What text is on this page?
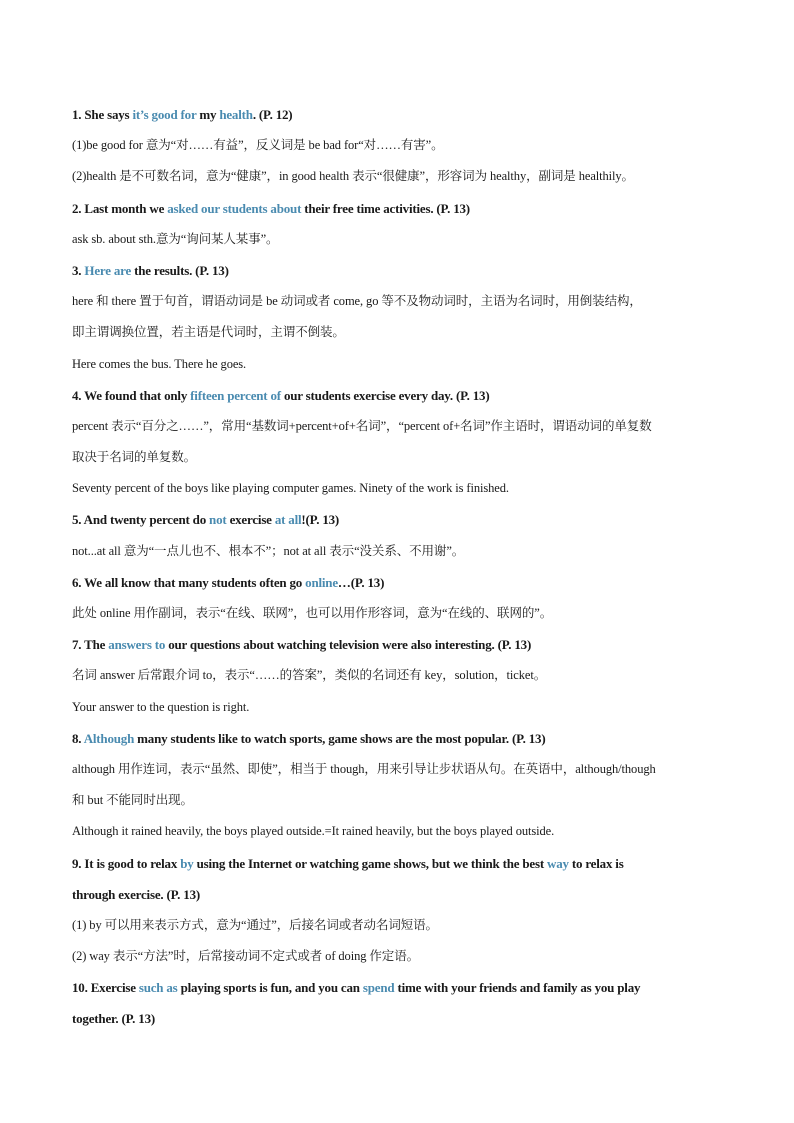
1. She says it’s good for my health. (P. 12)
(1)be good for 意为“对……有益”，反义词是 be bad for“对……有害”。
(2)health 是不可数名词，意为“健康”，in good health 表示“很健康”，形容词为 healthy，副词是 healthily。
2. Last month we asked our students about their free time activities. (P. 13)
ask sb. about sth.意为“询问某人某事”。
3. Here are the results. (P. 13)
here 和 there 置于句首，谓语动词是 be 动词或者 come, go 等不及物动词时，主语为名词时，用倒装结构，
即主谓调换位置，若主语是代词时，主谓不倒装。
Here comes the bus. There he goes.
4. We found that only fifteen percent of our students exercise every day. (P. 13)
percent 表示“百分之……”，常用“基数词+percent+of+名词”，“percent of+名词”作主语时，谓语动词的单复数
取决于名词的单复数。
Seventy percent of the boys like playing computer games. Ninety of the work is finished.
5. And twenty percent do not exercise at all!(P. 13)
not...at all 意为“一点儿也不、根本不”；not at all 表示“没关系、不用谢”。
6. We all know that many students often go online…(P. 13)
此处 online 用作副词，表示“在线、联网”，也可以用作形容词，意为“在线的、联网的”。
7. The answers to our questions about watching television were also interesting. (P. 13)
名词 answer 后常跟介词 to，表示“……的答案”，类似的名词还有 key，solution，ticket。
Your answer to the question is right.
8. Although many students like to watch sports, game shows are the most popular. (P. 13)
although 用作连词，表示“虽然、即使”，相当于 though，用来引导让步状语从句。在英语中，although/though
和 but 不能同时出现。
Although it rained heavily, the boys played outside.=It rained heavily, but the boys played outside.
9. It is good to relax by using the Internet or watching game shows, but we think the best way to relax is
through exercise. (P. 13)
(1) by 可以用来表示方式，意为“通过”，后接名词或者动名词短语。
(2) way 表示“方法”时，后常接动词不定式或者 of doing 作定语。
10. Exercise such as playing sports is fun, and you can spend time with your friends and family as you play
together. (P. 13)
